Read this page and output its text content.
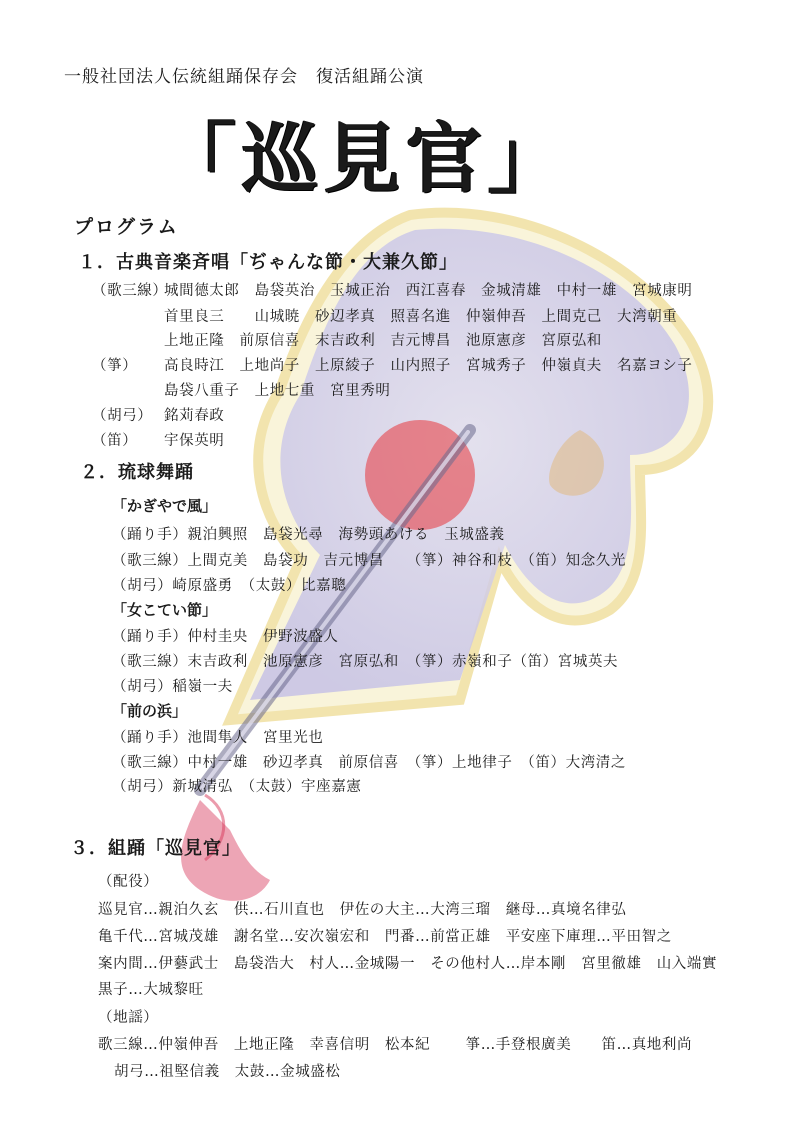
一般社団法人伝統組踊保存会　復活組踊公演
「巡見官」
プログラム
１．古典音楽斉唱「ぢゃんな節・大兼久節」
（歌三線）城間德太郎　島袋英治　玉城正治　西江喜春　金城清雄　中村一雄　宮城康明
首里良三　　山城暁　砂辺孝真　照喜名進　仲嶺伸吾　上間克己　大湾朝重
上地正隆　前原信喜　末吉政利　吉元博昌　池原憲彦　宮原弘和
（箏） 高良時江　上地尚子　上原綾子　山内照子　宮城秀子　仲嶺貞夫　名嘉ヨシ子
島袋八重子　上地七重　宮里秀明
（胡弓） 銘苅春政
（笛） 宇保英明
２．琉球舞踊
「かぎやで風」
（踊り手）親泊興照　島袋光尋　海勢頭あける　玉城盛義
（歌三線）上間克美　島袋功　吉元博昌　　（箏）神谷和枝　（笛）知念久光
（胡弓）崎原盛勇　（太鼓）比嘉聰
「女こてい節」
（踊り手）仲村圭央　伊野波盛人
（歌三線）末吉政利　池原憲彦　宮原弘和　（箏）赤嶺和子（笛）宮城英夫
（胡弓）稲嶺一夫
「前の浜」
（踊り手）池間隼人　宮里光也
（歌三線）中村一雄　砂辺孝真　前原信喜　（箏）上地律子　（笛）大湾清之
（胡弓）新城清弘　（太鼓）宇座嘉憲
３．組踊「巡見官」
（配役）
巡見官…親泊久玄　供…石川直也　伊佐の大主…大湾三瑠　継母…真境名律弘
亀千代…宮城茂雄　謝名堂…安次嶺宏和　門番…前當正雄　平安座下庫理…平田智之
案内間…伊藝武士　島袋浩大　村人…金城陽一　その他村人…岸本剛　宮里徹雄　山入端實
黒子…大城黎旺
（地謡）
歌三線…仲嶺伸吾　上地正隆　幸喜信明　松本紀　　 箏…手登根廣美　　笛…真地利尚
胡弓…祖堅信義　太鼓…金城盛松
